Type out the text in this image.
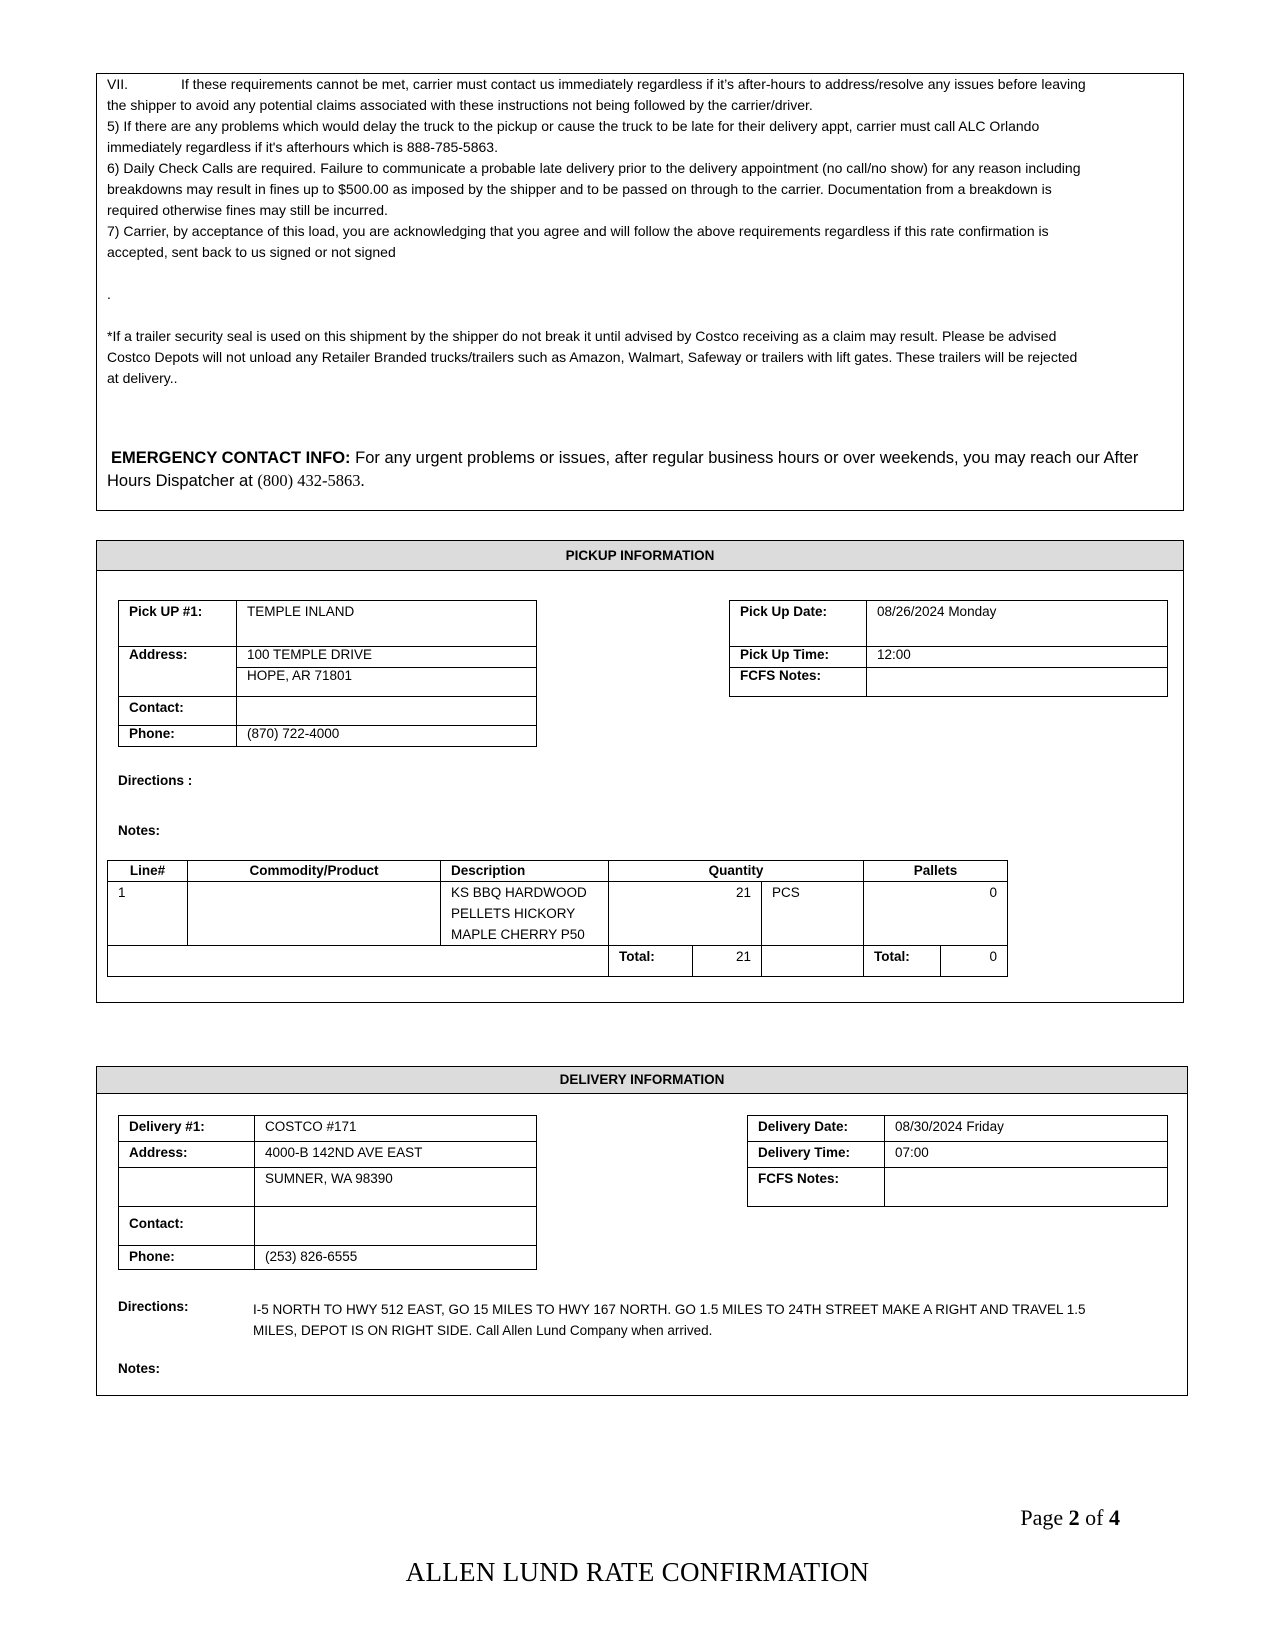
VII.	If these requirements cannot be met, carrier must contact us immediately regardless if it’s after-hours to address/resolve any issues before leaving
the shipper to avoid any potential claims associated with these instructions not being followed by the carrier/driver.
5) If there are any problems which would delay the truck to the pickup or cause the truck to be late for their delivery appt, carrier must call ALC Orlando
immediately regardless if it's afterhours which is 888-785-5863.
6) Daily Check Calls are required. Failure to communicate a probable late delivery prior to the delivery appointment (no call/no show) for any reason including
breakdowns may result in fines up to $500.00 as imposed by the shipper and to be passed on through to the carrier. Documentation from a breakdown is
required otherwise fines may still be incurred.
7) Carrier, by acceptance of this load, you are acknowledging that you agree and will follow the above requirements regardless if this rate confirmation is
accepted, sent back to us signed or not signed
.
*If a trailer security seal is used on this shipment by the shipper do not break it until advised by Costco receiving as a claim may result. Please be advised
Costco Depots will not unload any Retailer Branded trucks/trailers such as Amazon, Walmart, Safeway or trailers with lift gates. These trailers will be rejected
at delivery..
EMERGENCY CONTACT INFO: For any urgent problems or issues, after regular business hours or over weekends, you may reach our After
Hours Dispatcher at (800) 432-5863.
PICKUP INFORMATION
Pick UP #1:	TEMPLE INLAND
Address:	100 TEMPLE DRIVE
	HOPE, AR 71801
Contact:	
Phone:	(870) 722-4000
Pick Up Date:	08/26/2024 Monday
Pick Up Time:	12:00
FCFS Notes:	
Directions :
Notes:
Line#	Commodity/Product	Description	Quantity			Pallets	
1		KS BBQ HARDWOOD
PELLETS HICKORY
MAPLE CHERRY P50	21		PCS	0	
			Total:	21		Total:	0
DELIVERY INFORMATION
Delivery #1:	COSTCO #171
Address:	4000-B 142ND AVE EAST
	SUMNER, WA 98390
Contact:	
Phone:	(253) 826-6555
Delivery Date:	08/30/2024 Friday
Delivery Time:	07:00
FCFS Notes:	
Directions:	I-5 NORTH TO HWY 512 EAST, GO 15 MILES TO HWY 167 NORTH. GO 1.5 MILES TO 24TH STREET MAKE A RIGHT AND TRAVEL 1.5
MILES, DEPOT IS ON RIGHT SIDE. Call Allen Lund Company when arrived.
Notes:
Page 2 of 4
ALLEN LUND RATE CONFIRMATION
